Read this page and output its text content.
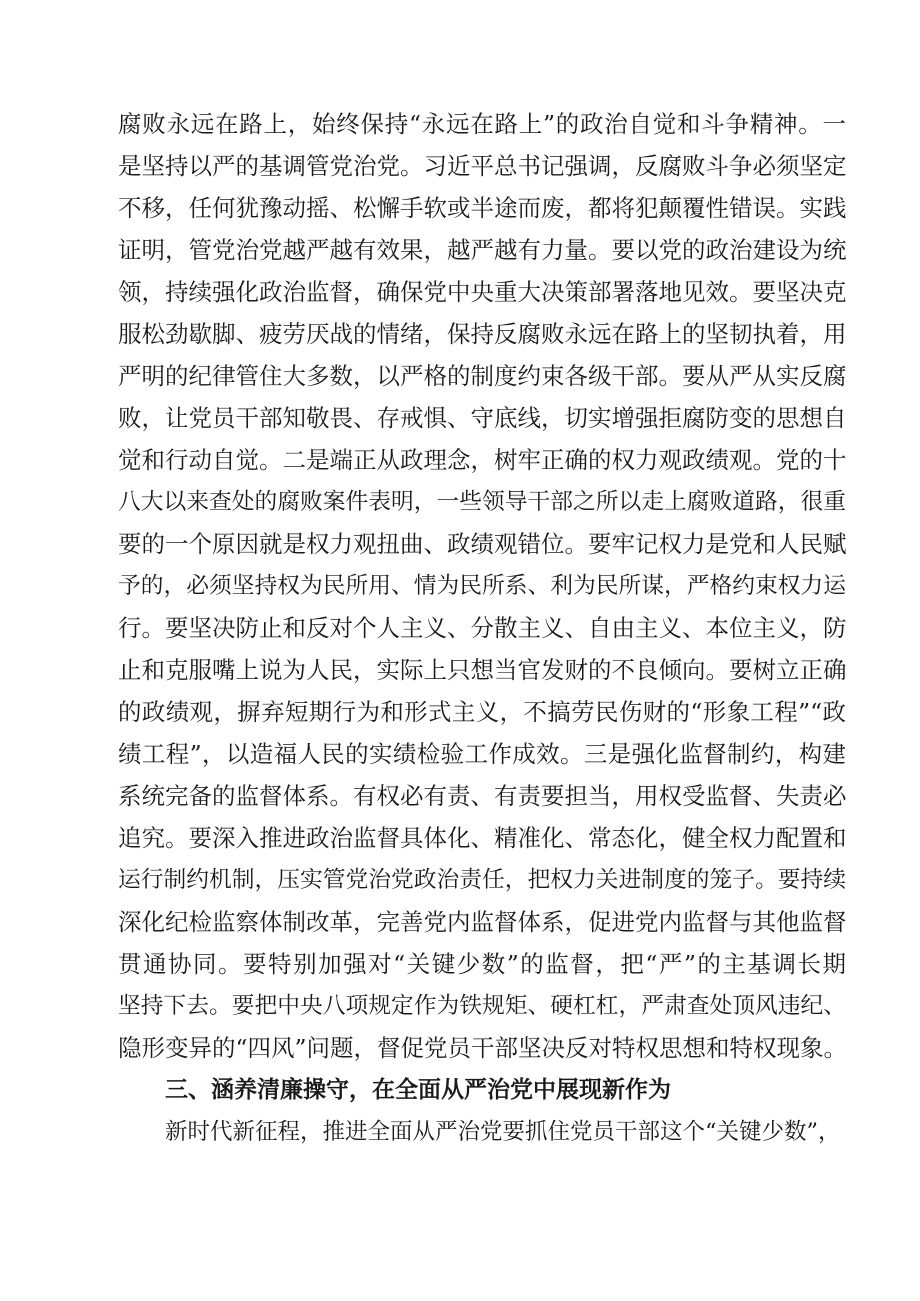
腐败永远在路上，始终保持“永远在路上”的政治自觉和斗争精神。一
是坚持以严的基调管党治党。习近平总书记强调，反腐败斗争必须坚定
不移，任何犹豫动摇、松懈手软或半途而废，都将犯颠覆性错误。实践
证明，管党治党越严越有效果，越严越有力量。要以党的政治建设为统
领，持续强化政治监督，确保党中央重大决策部署落地见效。要坚决克
服松劲歇脚、疲劳厌战的情绪，保持反腐败永远在路上的坚韧执着，用
严明的纪律管住大多数，以严格的制度约束各级干部。要从严从实反腐
败，让党员干部知敬畏、存戒惧、守底线，切实增强拒腐防变的思想自
觉和行动自觉。二是端正从政理念，树牢正确的权力观政绩观。党的十
八大以来查处的腐败案件表明，一些领导干部之所以走上腐败道路，很重
要的一个原因就是权力观扭曲、政绩观错位。要牢记权力是党和人民赋
予的，必须坚持权为民所用、情为民所系、利为民所谋，严格约束权力运
行。要坚决防止和反对个人主义、分散主义、自由主义、本位主义，防
止和克服嘴上说为人民，实际上只想当官发财的不良倾向。要树立正确
的政绩观，摒弃短期行为和形式主义，不搞劳民伤财的“形象工程”“政
绩工程”，以造福人民的实绩检验工作成效。三是强化监督制约，构建
系统完备的监督体系。有权必有责、有责要担当，用权受监督、失责必
追究。要深入推进政治监督具体化、精准化、常态化，健全权力配置和
运行制约机制，压实管党治党政治责任，把权力关进制度的笼子。要持续
深化纪检监察体制改革，完善党内监督体系，促进党内监督与其他监督
贯通协同。要特别加强对“关键少数”的监督，把“严”的主基调长期
坚持下去。要把中央八项规定作为铁规矩、硬杠杠，严肃查处顶风违纪、
隐形变异的“四风”问题，督促党员干部坚决反对特权思想和特权现象。
三、涵养清廉操守，在全面从严治党中展现新作为
新时代新征程，推进全面从严治党要抓住党员干部这个“关键少数”，
